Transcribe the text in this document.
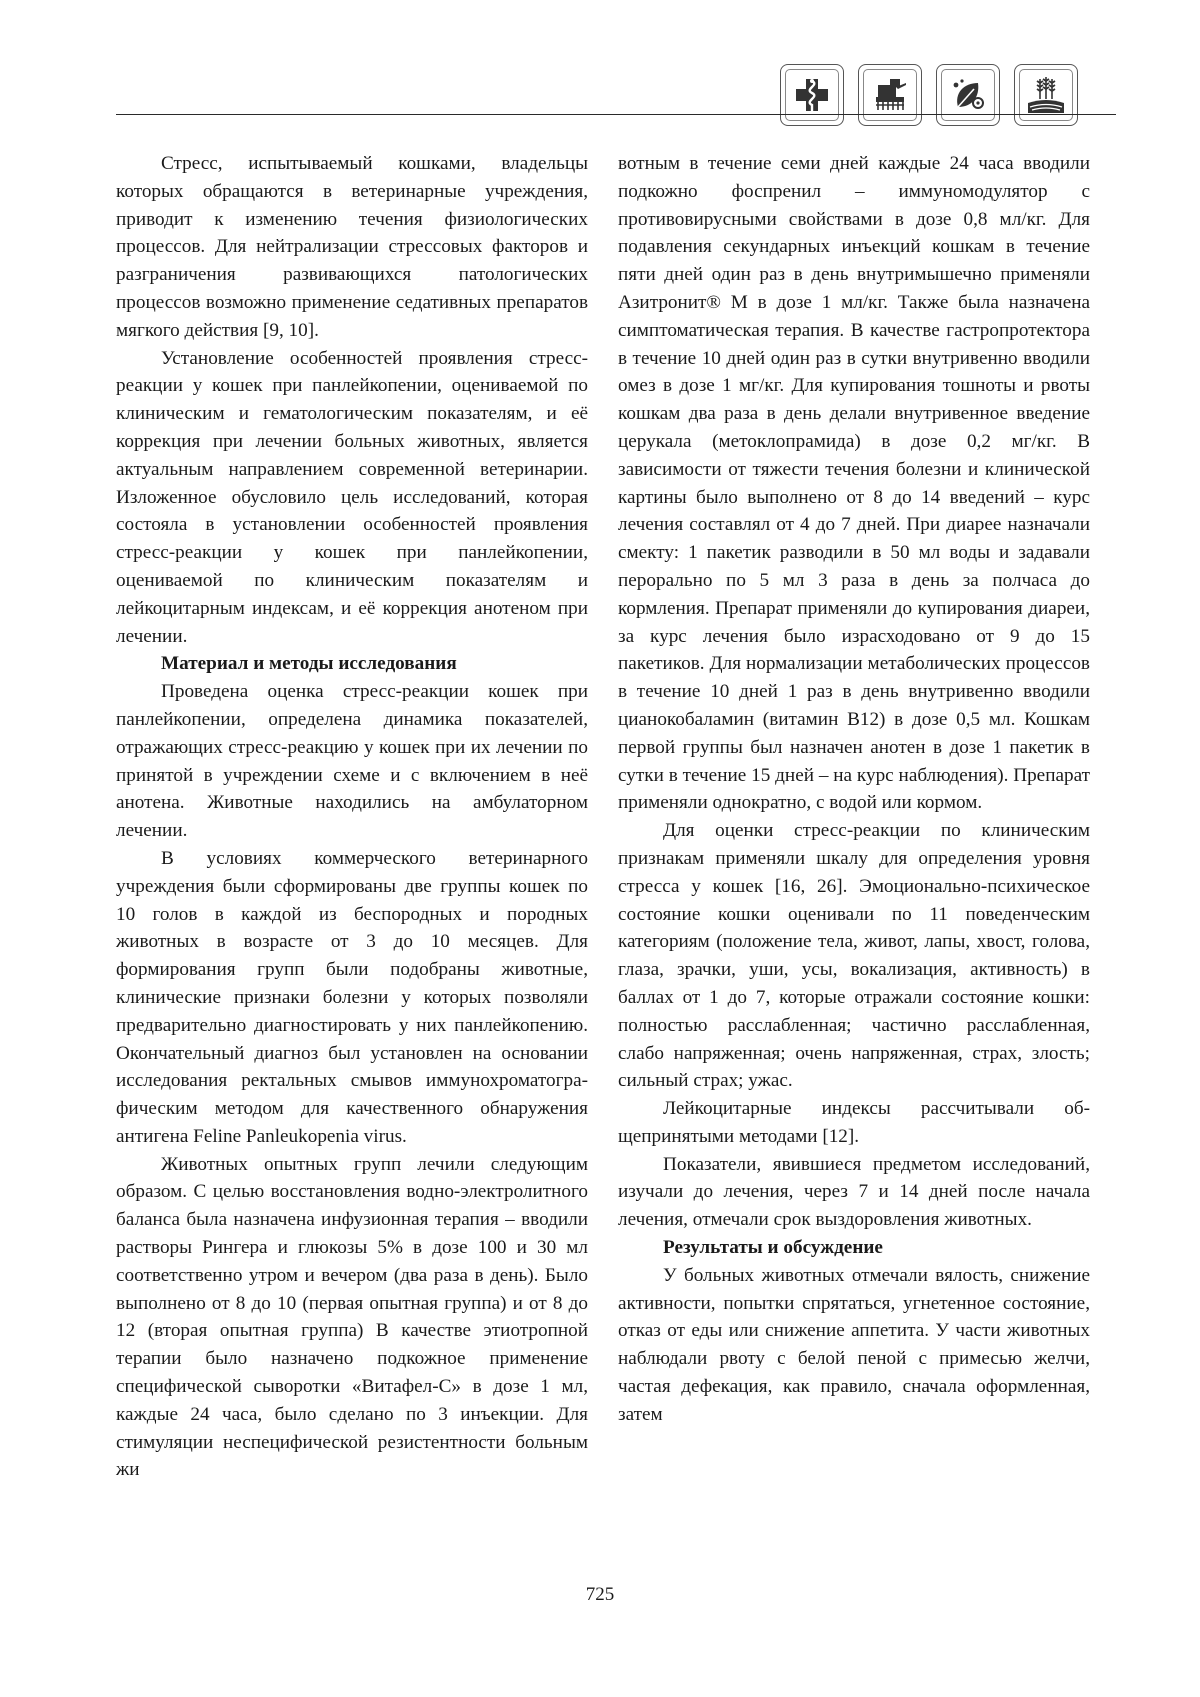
Стресс, испытываемый кошками, владельцы которых обращаются в ветеринарные учреждения, приводит к изменению течения физиологических процессов. Для нейтрализации стрессовых факторов и разграничения развивающихся патологических процессов возможно применение седативных препаратов мягкого действия [9, 10].

Установление особенностей проявления стресс-реакции у кошек при панлейкопении, оцениваемой по клиническим и гематологическим показателям, и её коррекция при лечении больных животных, является актуальным направлением современной ветеринарии. Изложенное обусловило цель исследований, которая состояла в установлении особенностей проявления стресс-реакции у кошек при панлейкопении, оцениваемой по клиническим показателям и лейкоцитарным индексам, и её коррекция анотеном при лечении.

Материал и методы исследования

Проведена оценка стресс-реакции кошек при панлейкопении, определена динамика показателей, отражающих стресс-реакцию у кошек при их лечении по принятой в учреждении схеме и с включением в неё анотена. Животные находились на амбулаторном лечении.

В условиях коммерческого ветеринарного учреждения были сформированы две группы кошек по 10 голов в каждой из беспородных и породных животных в возрасте от 3 до 10 месяцев. Для формирования групп были подобраны животные, клинические признаки болезни у которых позволяли предварительно диагностировать у них панлейкопению. Окончательный диагноз был установлен на основании исследования ректальных смывов иммунохроматографическим методом для качественного обнаружения антигена Feline Panleukopenia virus.

Животных опытных групп лечили следующим образом. С целью восстановления водно-электролитного баланса была назначена инфузионная терапия – вводили растворы Рингера и глюкозы 5% в дозе 100 и 30 мл соответственно утром и вечером (два раза в день). Было выполнено от 8 до 10 (первая опытная группа) и от 8 до 12 (вторая опытная группа) В качестве этиотропной терапии было назначено подкожное применение специфической сыворотки «Витафел-С» в дозе 1 мл, каждые 24 часа, было сделано по 3 инъекции. Для стимуляции неспецифической резистентности больным жи

вотным в течение семи дней каждые 24 часа вводили подкожно фоспренил – иммуномодулятор с противовирусными свойствами в дозе 0,8 мл/кг. Для подавления секундарных инъекций кошкам в течение пяти дней один раз в день внутримышечно применяли Азитронит® М в дозе 1 мл/кг. Также была назначена симптоматическая терапия. В качестве гастропротектора в течение 10 дней один раз в сутки внутривенно вводили омез в дозе 1 мг/кг. Для купирования тошноты и рвоты кошкам два раза в день делали внутривенное введение церукала (метоклопрамида) в дозе 0,2 мг/кг. В зависимости от тяжести течения болезни и клинической картины было выполнено от 8 до 14 введений – курс лечения составлял от 4 до 7 дней. При диарее назначали смекту: 1 пакетик разводили в 50 мл воды и задавали перорально по 5 мл 3 раза в день за полчаса до кормления. Препарат применяли до купирования диареи, за курс лечения было израсходовано от 9 до 15 пакетиков. Для нормализации метаболических процессов в течение 10 дней 1 раз в день внутривенно вводили цианокобаламин (витамин В12) в дозе 0,5 мл. Кошкам первой группы был назначен анотен в дозе 1 пакетик в сутки в течение 15 дней – на курс наблюдения). Препарат применяли однократно, с водой или кормом.

Для оценки стресс-реакции по клиническим признакам применяли шкалу для определения уровня стресса у кошек [16, 26]. Эмоционально-психическое состояние кошки оценивали по 11 поведенческим категориям (положение тела, живот, лапы, хвост, голова, глаза, зрачки, уши, усы, вокализация, активность) в баллах от 1 до 7, которые отражали состояние кошки: полностью расслабленная; частично расслабленная, слабо напряженная; очень напряженная, страх, злость; сильный страх; ужас.

Лейкоцитарные индексы рассчитывали общепринятыми методами [12].

Показатели, явившиеся предметом исследований, изучали до лечения, через 7 и 14 дней после начала лечения, отмечали срок выздоровления животных.

Результаты и обсуждение

У больных животных отмечали вялость, снижение активности, попытки спрятаться, угнетенное состояние, отказ от еды или снижение аппетита. У части животных наблюдали рвоту с белой пеной с примесью желчи, частая дефекация, как правило, сначала оформленная, затем

725
